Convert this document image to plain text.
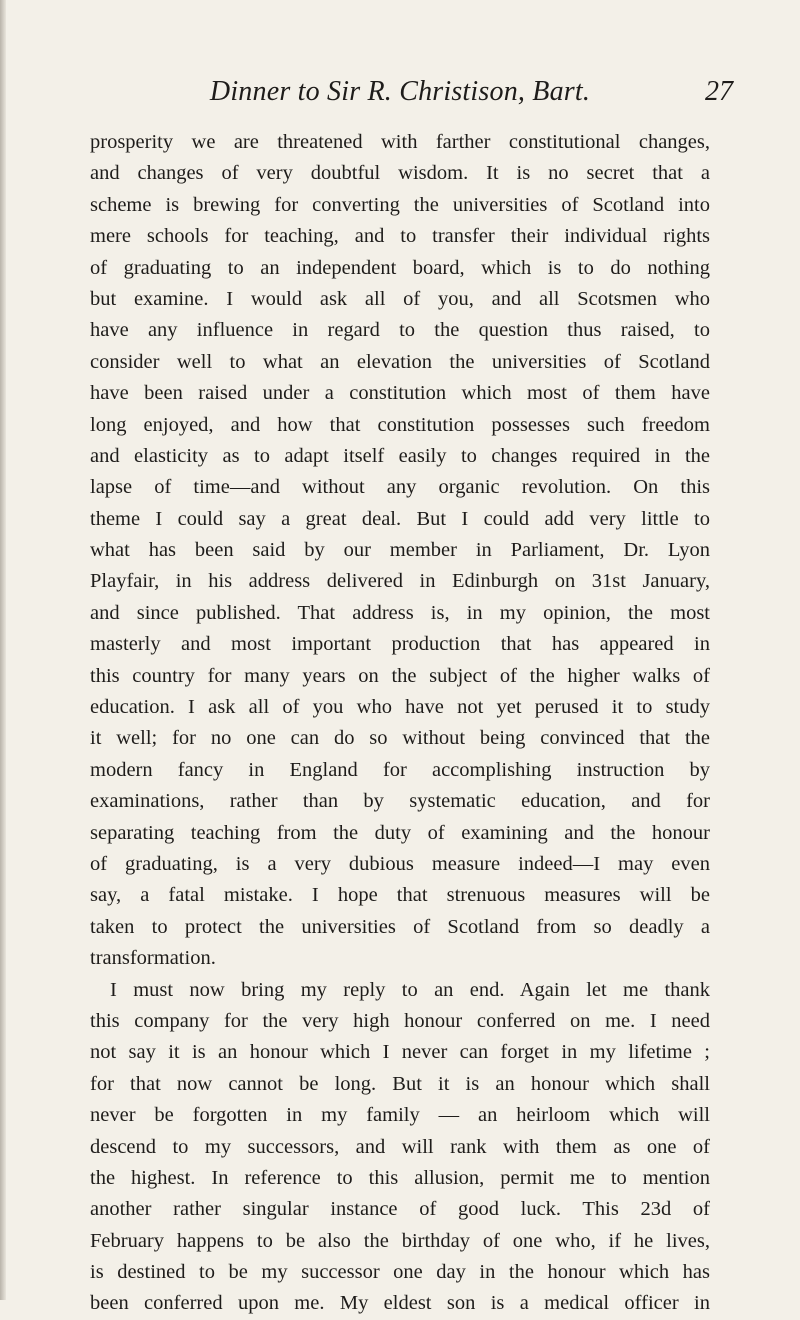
Dinner to Sir R. Christison, Bart.	27
prosperity we are threatened with farther constitutional changes,
and changes of very doubtful wisdom. It is no secret that a
scheme is brewing for converting the universities of Scotland into
mere schools for teaching, and to transfer their individual rights
of graduating to an independent board, which is to do nothing
but examine. I would ask all of you, and all Scotsmen who
have any influence in regard to the question thus raised, to
consider well to what an elevation the universities of Scotland
have been raised under a constitution which most of them have
long enjoyed, and how that constitution possesses such freedom
and elasticity as to adapt itself easily to changes required in the
lapse of time—and without any organic revolution. On this
theme I could say a great deal. But I could add very little to
what has been said by our member in Parliament, Dr. Lyon
Playfair, in his address delivered in Edinburgh on 31st January,
and since published. That address is, in my opinion, the most
masterly and most important production that has appeared in
this country for many years on the subject of the higher walks of
education. I ask all of you who have not yet perused it to study
it well; for no one can do so without being convinced that the
modern fancy in England for accomplishing instruction by
examinations, rather than by systematic education, and for
separating teaching from the duty of examining and the honour
of graduating, is a very dubious measure indeed—I may even
say, a fatal mistake. I hope that strenuous measures will be
taken to protect the universities of Scotland from so deadly a
transformation.
I must now bring my reply to an end. Again let me thank
this company for the very high honour conferred on me. I need
not say it is an honour which I never can forget in my lifetime ;
for that now cannot be long. But it is an honour which shall
never be forgotten in my family — an heirloom which will
descend to my successors, and will rank with them as one of
the highest. In reference to this allusion, permit me to mention
another rather singular instance of good luck. This 23d of
February happens to be also the birthday of one who, if he lives,
is destined to be my successor one day in the honour which has
been conferred upon me. My eldest son is a medical officer in
